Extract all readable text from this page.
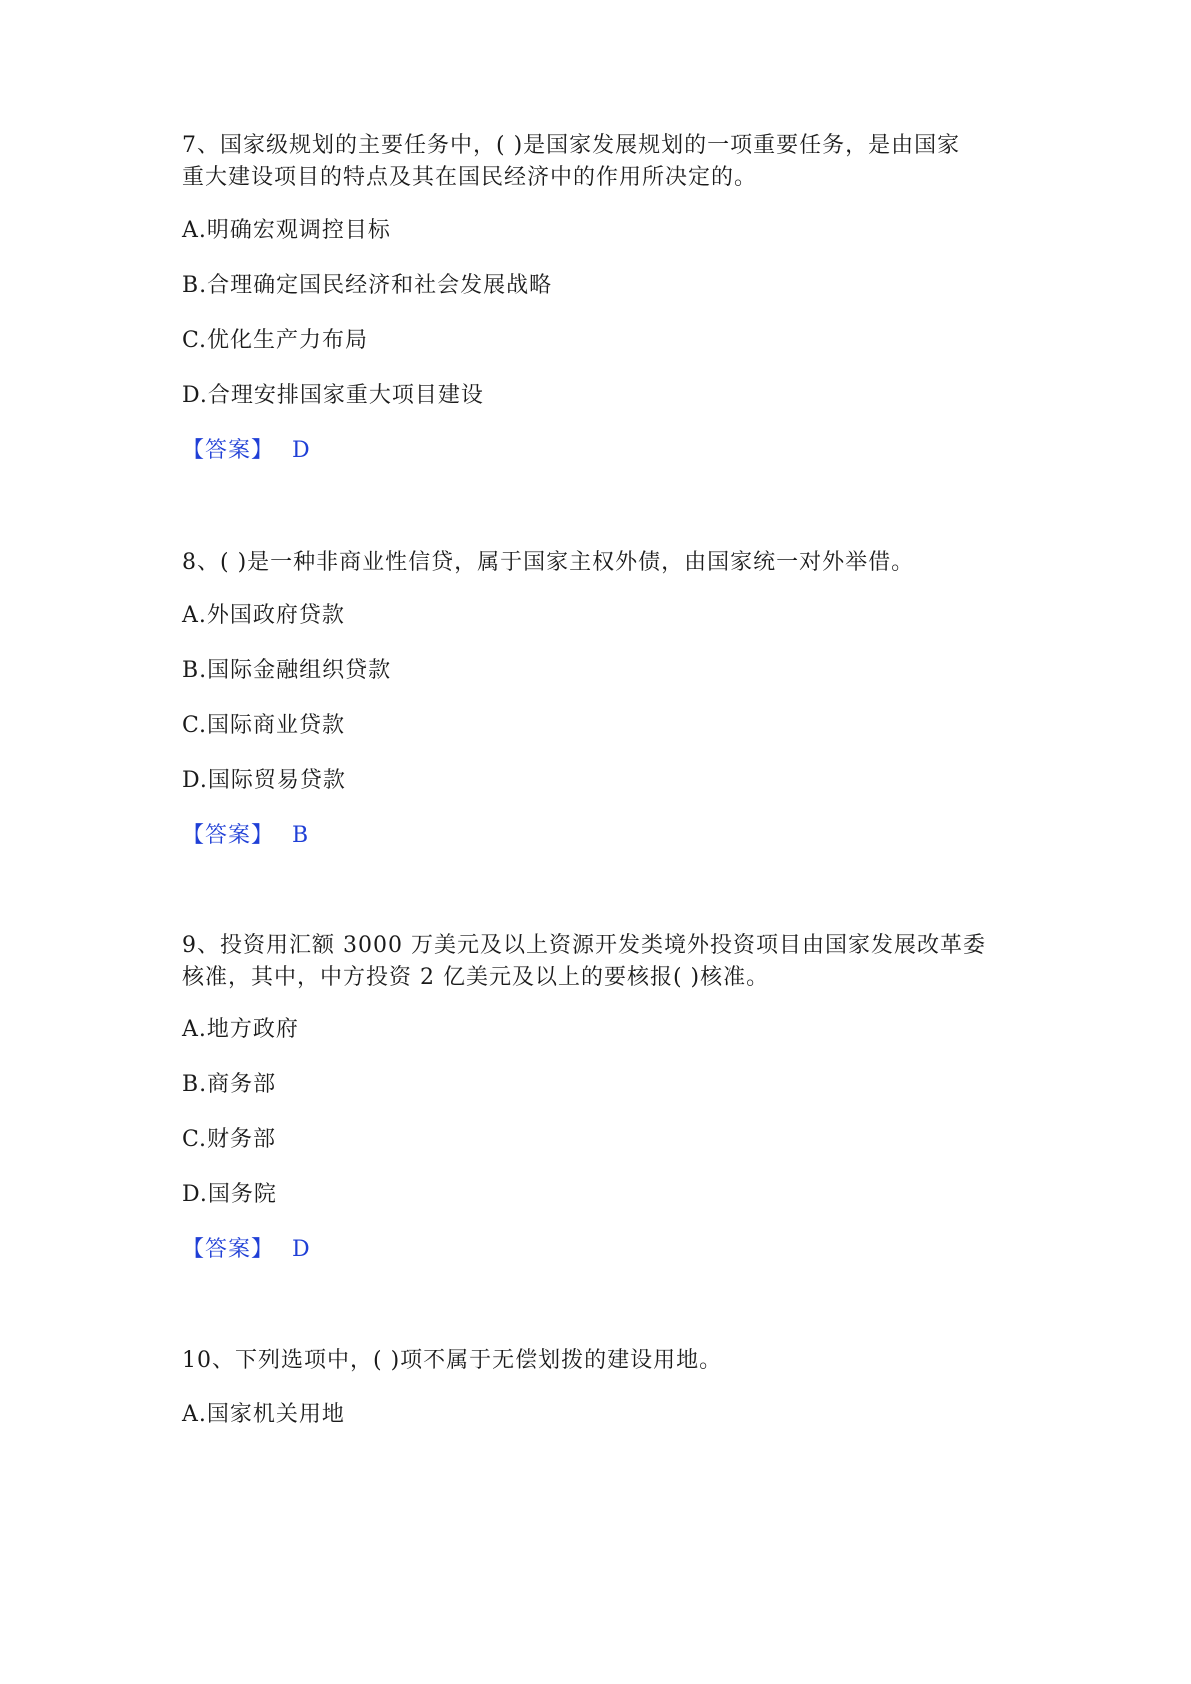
7、国家级规划的主要任务中，( )是国家发展规划的一项重要任务，是由国家
重大建设项目的特点及其在国民经济中的作用所决定的。
A.明确宏观调控目标
B.合理确定国民经济和社会发展战略
C.优化生产力布局
D.合理安排国家重大项目建设
【答案】 D
8、( )是一种非商业性信贷，属于国家主权外债，由国家统一对外举借。
A.外国政府贷款
B.国际金融组织贷款
C.国际商业贷款
D.国际贸易贷款
【答案】 B
9、投资用汇额 3000 万美元及以上资源开发类境外投资项目由国家发展改革委
核准，其中，中方投资 2 亿美元及以上的要核报( )核准。
A.地方政府
B.商务部
C.财务部
D.国务院
【答案】 D
10、下列选项中，( )项不属于无偿划拨的建设用地。
A.国家机关用地
